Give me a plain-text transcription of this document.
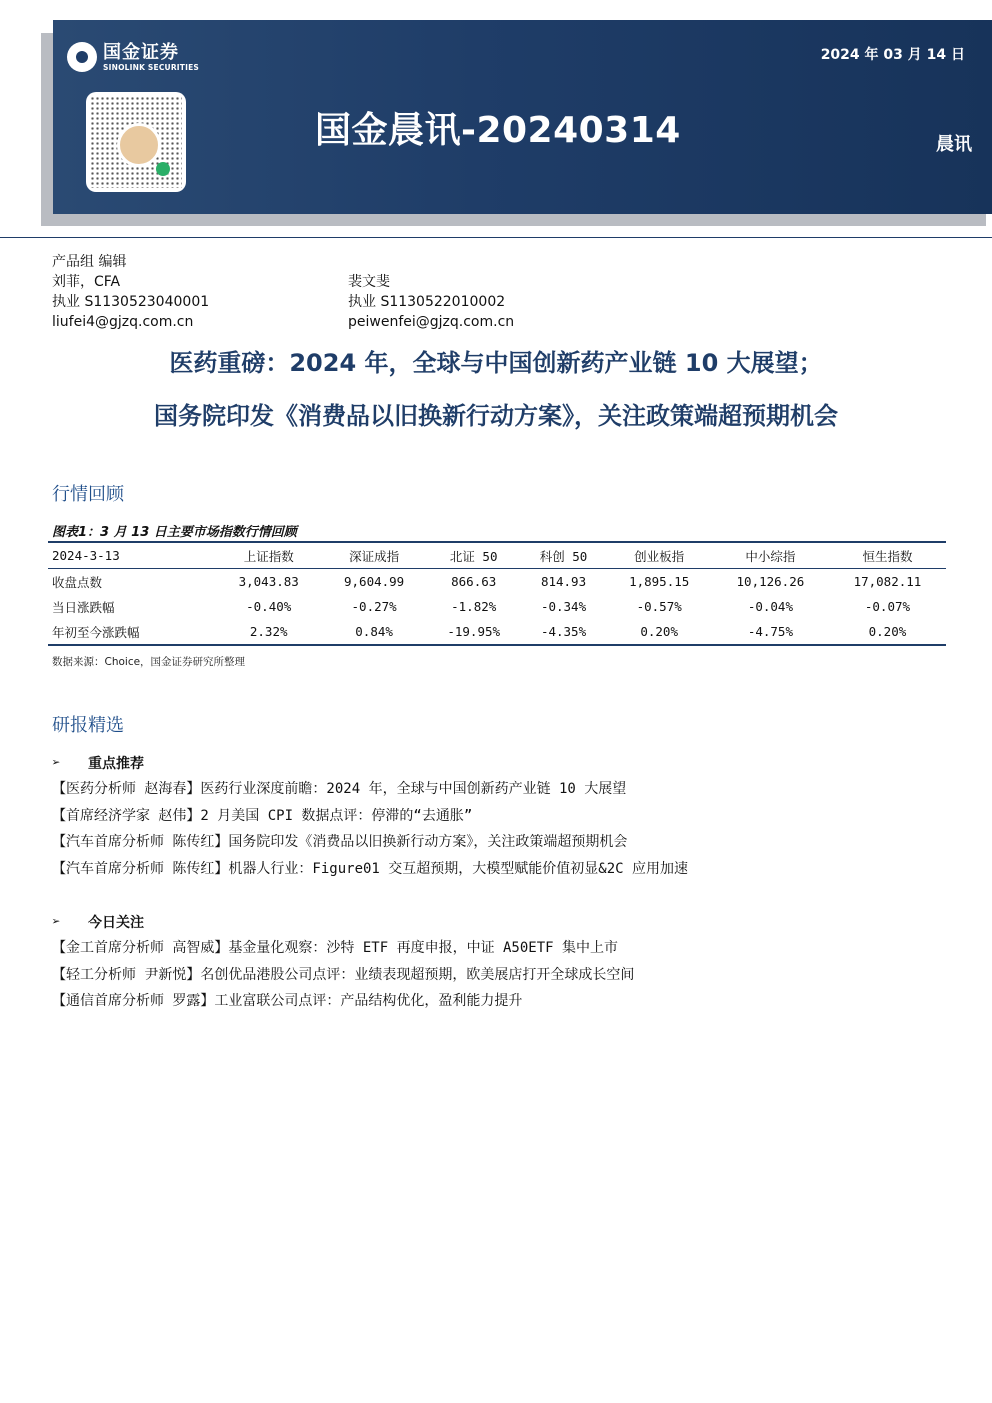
国金证券
SINOLINK SECURITIES
2024 年 03 月 14 日
国金晨讯-20240314	晨讯
产品组 编辑
刘菲，CFA
执业 S1130523040001
liufei4@gjzq.com.cn
裴文斐
执业 S1130522010002
peiwenfei@gjzq.com.cn
医药重磅：2024 年，全球与中国创新药产业链 10 大展望；
国务院印发《消费品以旧换新行动方案》，关注政策端超预期机会
行情回顾
图表1：3 月 13 日主要市场指数行情回顾
2024-3-13	上证指数	深证成指	北证 50	科创 50	创业板指	中小综指	恒生指数
收盘点数	3,043.83	9,604.99	866.63	814.93	1,895.15	10,126.26	17,082.11
当日涨跌幅	-0.40%	-0.27%	-1.82%	-0.34%	-0.57%	-0.04%	-0.07%
年初至今涨跌幅	2.32%	0.84%	-19.95%	-4.35%	0.20%	-4.75%	0.20%
数据来源：Choice，国金证券研究所整理
研报精选
➢	重点推荐
【医药分析师 赵海春】医药行业深度前瞻：2024 年，全球与中国创新药产业链 10 大展望
【首席经济学家 赵伟】2 月美国 CPI 数据点评：停滞的“去通胀”
【汽车首席分析师 陈传红】国务院印发《消费品以旧换新行动方案》，关注政策端超预期机会
【汽车首席分析师 陈传红】机器人行业：Figure01 交互超预期，大模型赋能价值初显&2C 应用加速
➢	今日关注
【金工首席分析师 高智威】基金量化观察：沙特 ETF 再度申报，中证 A50ETF 集中上市
【轻工分析师 尹新悦】名创优品港股公司点评：业绩表现超预期，欧美展店打开全球成长空间
【通信首席分析师 罗露】工业富联公司点评：产品结构优化，盈利能力提升
